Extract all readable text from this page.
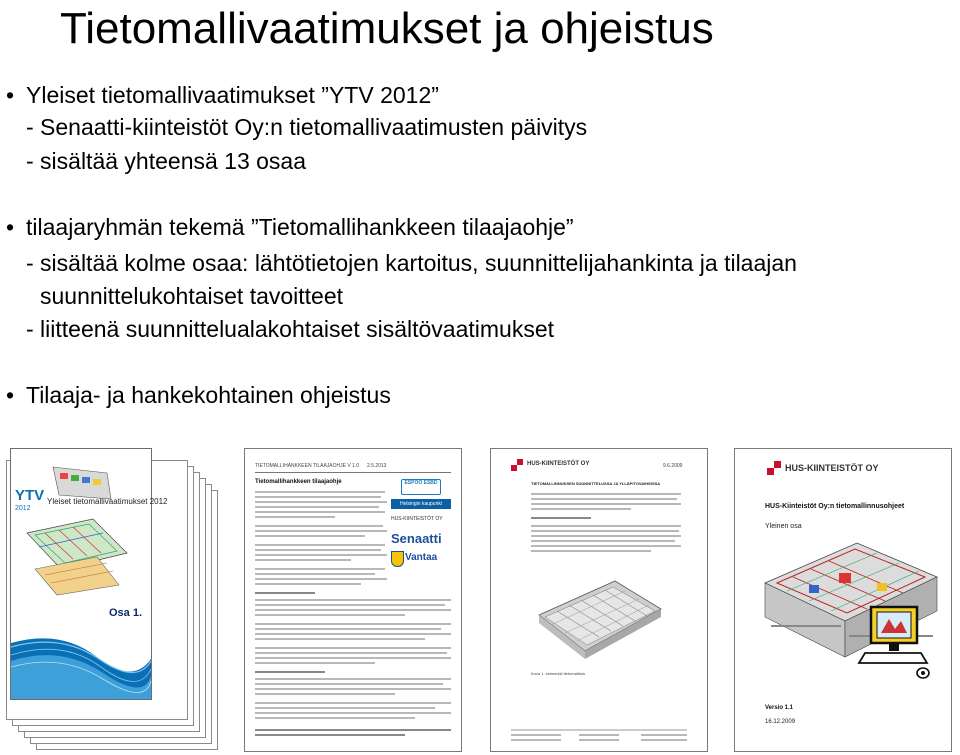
Tietomallivaatimukset ja ohjeistus
• Yleiset tietomallivaatimukset ”YTV 2012”
- Senaatti-kiinteistöt Oy:n tietomallivaatimusten päivitys
- sisältää yhteensä 13 osaa
• tilaajaryhmän tekemä ”Tietomallihankkeen tilaajaohje”
- sisältää kolme osaa: lähtötietojen kartoitus, suunnittelijahankinta ja tilaajan
suunnittelukohtaiset tavoitteet
- liitteenä suunnittelualakohtaiset sisältövaatimukset
• Tilaaja- ja hankekohtainen ohjeistus
YTV
2012
Yleiset tietomallivaatimukset 2012
Osa 1.
Yleinen osuus
TIETOMALLIHANKKEEN TILAAJAOHJE V 1.0 2.5.2013
Tietomallihankkeen tilaajaohje	ESPOO ESBD
Helsingin kaupunki
HUS-KIINTEISTÖT OY
Senaatti
Vantaa
HUS-KIINTEISTÖT OY	9.6.2009
TIETOMALLINNUKSEN SUUNNITTELUSSA JA YLLÄPITOVAIHEISSA
Kuva 1. esimerkki tietomallista
HUS-KIINTEISTÖT OY
HUS-Kiinteistöt Oy:n tietomallinnusohjeet
Yleinen osa
Versio 1.1
16.12.2009
